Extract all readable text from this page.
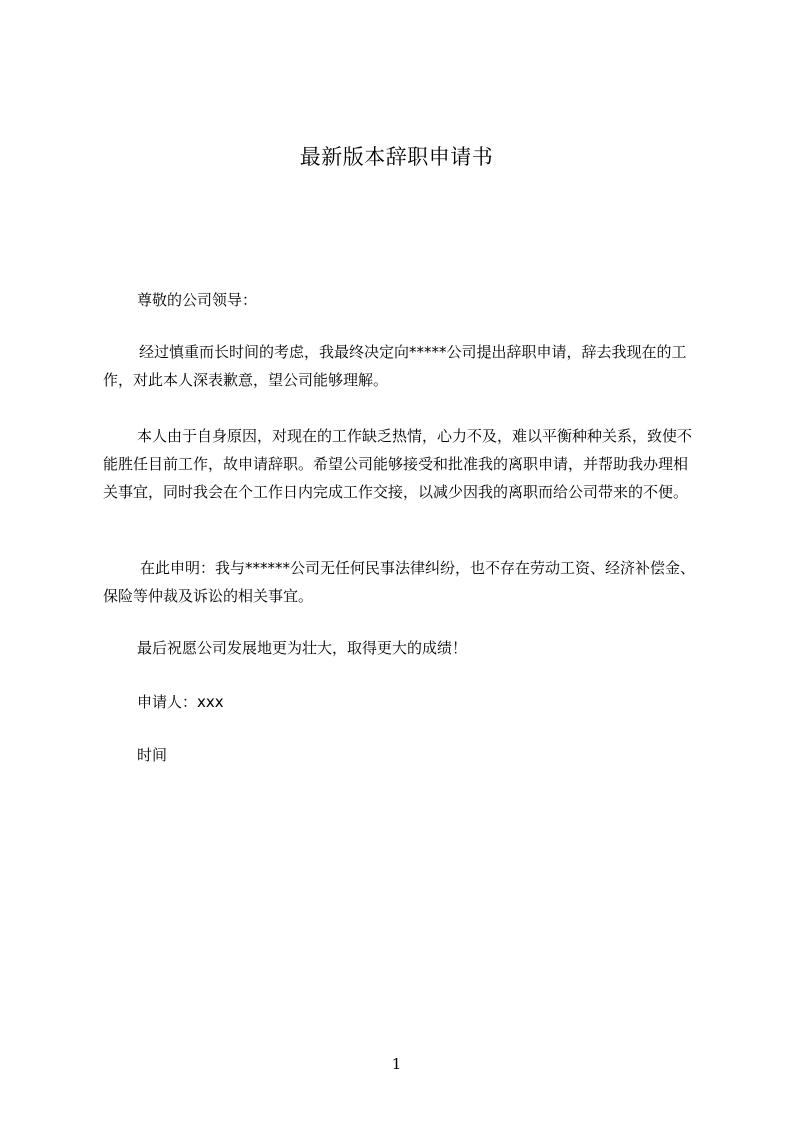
最新版本辞职申请书

尊敬的公司领导：

经过慎重而长时间的考虑，我最终决定向*****公司提出辞职申请，辞去我现在的工作，对此本人深表歉意，望公司能够理解。

本人由于自身原因，对现在的工作缺乏热情，心力不及，难以平衡种种关系，致使不能胜任目前工作，故申请辞职。希望公司能够接受和批准我的离职申请，并帮助我办理相关事宜，同时我会在个工作日内完成工作交接，以减少因我的离职而给公司带来的不便。

在此申明：我与******公司无任何民事法律纠纷，也不存在劳动工资、经济补偿金、保险等仲裁及诉讼的相关事宜。

最后祝愿公司发展地更为壮大，取得更大的成绩！

申请人：xxx

时间

1
